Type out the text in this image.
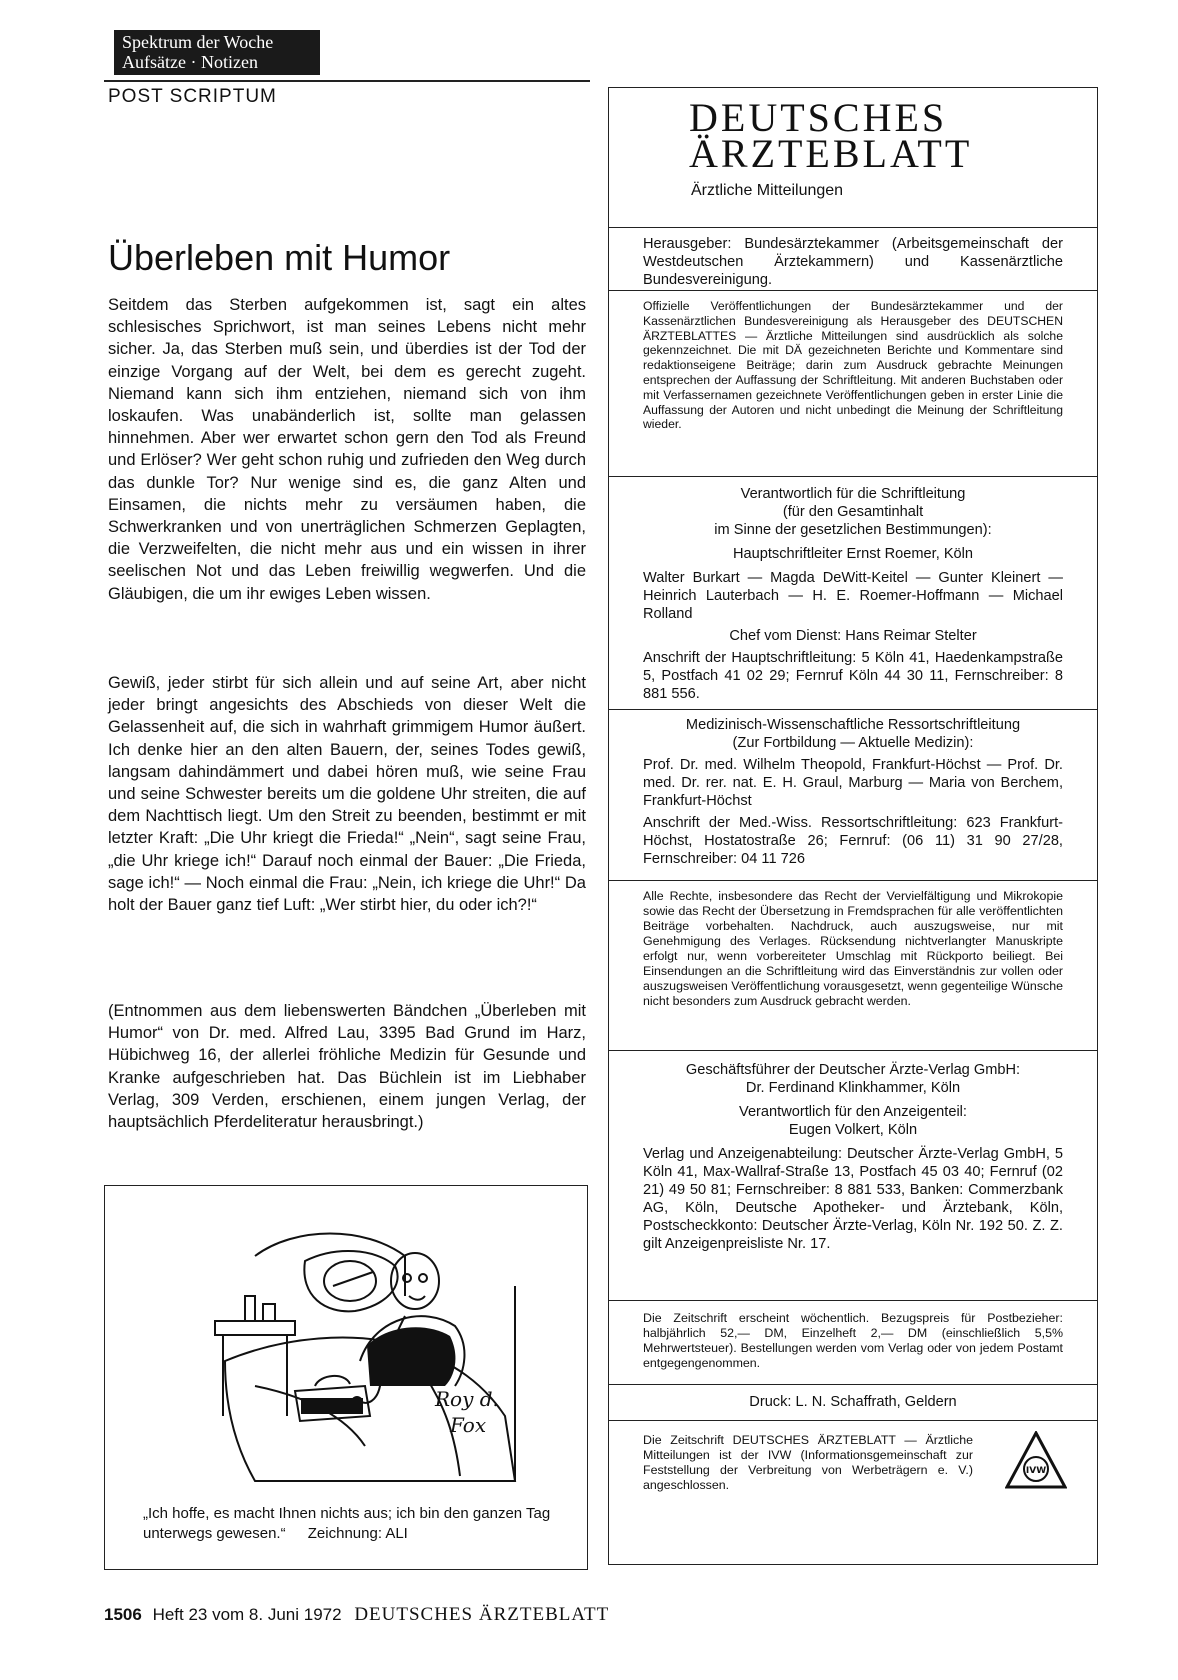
Spektrum der Woche
Aufsätze · Notizen
POST SCRIPTUM
Überleben mit Humor

Seitdem das Sterben aufgekommen ist, sagt ein altes schlesisches Sprichwort, ist man seines Lebens nicht mehr sicher. Ja, das Sterben muß sein, und überdies ist der Tod der einzige Vorgang auf der Welt, bei dem es gerecht zugeht. Niemand kann sich ihm entziehen, niemand sich von ihm loskaufen. Was unabänderlich ist, sollte man gelassen hinnehmen. Aber wer erwartet schon gern den Tod als Freund und Erlöser? Wer geht schon ruhig und zufrieden den Weg durch das dunkle Tor? Nur wenige sind es, die ganz Alten und Einsamen, die nichts mehr zu versäumen haben, die Schwerkranken und von unerträglichen Schmerzen Geplagten, die Verzweifelten, die nicht mehr aus und ein wissen in ihrer seelischen Not und das Leben freiwillig wegwerfen. Und die Gläubigen, die um ihr ewiges Leben wissen.

Gewiß, jeder stirbt für sich allein und auf seine Art, aber nicht jeder bringt angesichts des Abschieds von dieser Welt die Gelassenheit auf, die sich in wahrhaft grimmigem Humor äußert. Ich denke hier an den alten Bauern, der, seines Todes gewiß, langsam dahindämmert und dabei hören muß, wie seine Frau und seine Schwester bereits um die goldene Uhr streiten, die auf dem Nachttisch liegt. Um den Streit zu beenden, bestimmt er mit letzter Kraft: „Die Uhr kriegt die Frieda!“ „Nein“, sagt seine Frau, „die Uhr kriege ich!“ Darauf noch einmal der Bauer: „Die Frieda, sage ich!“ — Noch einmal die Frau: „Nein, ich kriege die Uhr!“ Da holt der Bauer ganz tief Luft: „Wer stirbt hier, du oder ich?!“

(Entnommen aus dem liebenswerten Bändchen „Überleben mit Humor“ von Dr. med. Alfred Lau, 3395 Bad Grund im Harz, Hübichweg 16, der allerlei fröhliche Medizin für Gesunde und Kranke aufgeschrieben hat. Das Büchlein ist im Liebhaber Verlag, 309 Verden, erschienen, einem jungen Verlag, der hauptsächlich Pferdeliteratur herausbringt.)

Roy d.
Fox
„Ich hoffe, es macht Ihnen nichts aus; ich bin den ganzen Tag unterwegs gewesen.“ Zeichnung: ALI
DEUTSCHES
ÄRZTEBLATT
Ärztliche Mitteilungen
Herausgeber: Bundesärztekammer (Arbeitsgemeinschaft der Westdeutschen Ärztekammern) und Kassenärztliche Bundesvereinigung.
Offizielle Veröffentlichungen der Bundesärztekammer und der Kassenärztlichen Bundesvereinigung als Herausgeber des DEUTSCHEN ÄRZTEBLATTES — Ärztliche Mitteilungen sind ausdrücklich als solche gekennzeichnet. Die mit DÄ gezeichneten Berichte und Kommentare sind redaktionseigene Beiträge; darin zum Ausdruck gebrachte Meinungen entsprechen der Auffassung der Schriftleitung. Mit anderen Buchstaben oder mit Verfassernamen gezeichnete Veröffentlichungen geben in erster Linie die Auffassung der Autoren und nicht unbedingt die Meinung der Schriftleitung wieder.
Verantwortlich für die Schriftleitung
(für den Gesamtinhalt
im Sinne der gesetzlichen Bestimmungen):
Hauptschriftleiter Ernst Roemer, Köln
Walter Burkart — Magda DeWitt-Keitel — Gunter Kleinert — Heinrich Lauterbach — H. E. Roemer-Hoffmann — Michael Rolland
Chef vom Dienst: Hans Reimar Stelter
Anschrift der Hauptschriftleitung: 5 Köln 41, Haedenkampstraße 5, Postfach 41 02 29; Fernruf Köln 44 30 11, Fernschreiber: 8 881 556.
Medizinisch-Wissenschaftliche Ressortschriftleitung
(Zur Fortbildung — Aktuelle Medizin):
Prof. Dr. med. Wilhelm Theopold, Frankfurt-Höchst — Prof. Dr. med. Dr. rer. nat. E. H. Graul, Marburg — Maria von Berchem, Frankfurt-Höchst
Anschrift der Med.-Wiss. Ressortschriftleitung: 623 Frankfurt-Höchst, Hostatostraße 26; Fernruf: (06 11) 31 90 27/28, Fernschreiber: 04 11 726
Alle Rechte, insbesondere das Recht der Vervielfältigung und Mikrokopie sowie das Recht der Übersetzung in Fremdsprachen für alle veröffentlichten Beiträge vorbehalten. Nachdruck, auch auszugsweise, nur mit Genehmigung des Verlages. Rücksendung nichtverlangter Manuskripte erfolgt nur, wenn vorbereiteter Umschlag mit Rückporto beiliegt. Bei Einsendungen an die Schriftleitung wird das Einverständnis zur vollen oder auszugsweisen Veröffentlichung vorausgesetzt, wenn gegenteilige Wünsche nicht besonders zum Ausdruck gebracht werden.
Geschäftsführer der Deutscher Ärzte-Verlag GmbH:
Dr. Ferdinand Klinkhammer, Köln
Verantwortlich für den Anzeigenteil:
Eugen Volkert, Köln
Verlag und Anzeigenabteilung: Deutscher Ärzte-Verlag GmbH, 5 Köln 41, Max-Wallraf-Straße 13, Postfach 45 03 40; Fernruf (02 21) 49 50 81; Fernschreiber: 8 881 533, Banken: Commerzbank AG, Köln, Deutsche Apotheker- und Ärztebank, Köln, Postscheckkonto: Deutscher Ärzte-Verlag, Köln Nr. 192 50. Z. Z. gilt Anzeigenpreisliste Nr. 17.
Die Zeitschrift erscheint wöchentlich. Bezugspreis für Postbezieher: halbjährlich 52,— DM, Einzelheft 2,— DM (einschließlich 5,5% Mehrwertsteuer). Bestellungen werden vom Verlag oder von jedem Postamt entgegengenommen.
Druck: L. N. Schaffrath, Geldern
Die Zeitschrift DEUTSCHES ÄRZTEBLATT — Ärztliche Mitteilungen ist der IVW (Informationsgemeinschaft zur Feststellung der Verbreitung von Werbeträgern e. V.) angeschlossen.
IVW
1506 Heft 23 vom 8. Juni 1972 DEUTSCHES ÄRZTEBLATT
